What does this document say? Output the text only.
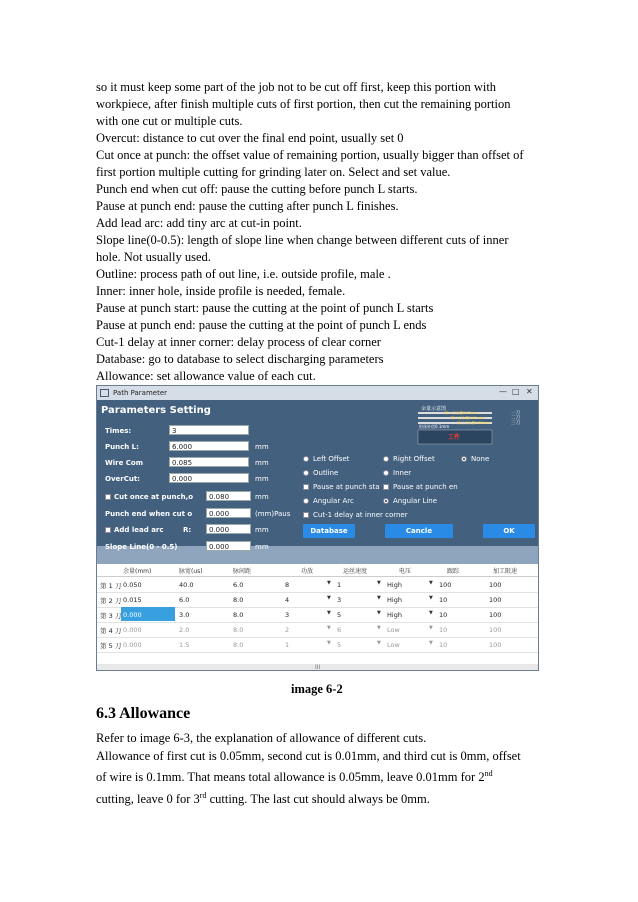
so it must keep some part of the job not to be cut off first, keep this portion with
workpiece, after finish multiple cuts of first portion, then cut the remaining portion
with one cut or multiple cuts.
Overcut: distance to cut over the final end point, usually set 0
Cut once at punch: the offset value of remaining portion, usually bigger than offset of
first portion multiple cutting for grinding later on. Select and set value.
Punch end when cut off: pause the cutting before punch L starts.
Pause at punch end: pause the cutting after punch L finishes.
Add lead arc: add tiny arc at cut-in point.
Slope line(0-0.5): length of slope line when change between different cuts of inner
hole. Not usually used.
Outline: process path of out line, i.e. outside profile, male .
Inner: inner hole, inside profile is needed, female.
Pause at punch start: pause the cutting at the point of punch L starts
Pause at punch end: pause the cutting at the point of punch L ends
Cut-1 delay at inner corner: delay process of clear corner
Database: go to database to select discharging parameters
Allowance: set allowance value of each cut.
Path Parameter	— □ ✕
Parameters Setting
Times:	3
Punch L:	6.000	mm
Wire Com	0.085	mm
OverCut:	0.000	mm
Cut once at punch,o	0.080	mm
Punch end when cut o	0.000	(mm)Paus
Add lead arc	R:	0.000	mm
Slope Line(0 - 0.5)	0.000	mm
余量示意图
第一刀余量0.05mm
第二刀余量0.01mm
第三刀余量0.00mm
钼丝补偿0.1mm
工件
一刀
二刀
三刀
Left Offset	Right Offset	None
Outline	Inner
Pause at punch sta Pause at punch en
Angular Arc	Angular Line
Cut-1 delay at inner corner
Database	Cancle	OK
余量(mm)	脉宽(us)	脉间距	功放	运丝速度	电压	跟踪	加工限速
第 1 刀 0.050	40.0	6.0	8	▼ 1	▼ High	▼ 100	100
第 2 刀 0.015	6.0	8.0	4	▼ 3	▼ High	▼ 10	100
第 3 刀 0.000	3.0	8.0	3	▼ 5	▼ High	▼ 10	100
第 4 刀 0.000	2.0	8.0	2	▼ 6	▼ Low	▼ 10	100
第 5 刀 0.000	1.5	8.0	1	▼ 5	▼ Low	▼ 10	100
III
image 6-2
6.3 Allowance
Refer to image 6-3, the explanation of allowance of different cuts.
Allowance of first cut is 0.05mm, second cut is 0.01mm, and third cut is 0mm, offset
of wire is 0.1mm. That means total allowance is 0.05mm, leave 0.01mm for 2nd
cutting, leave 0 for 3rd cutting. The last cut should always be 0mm.
